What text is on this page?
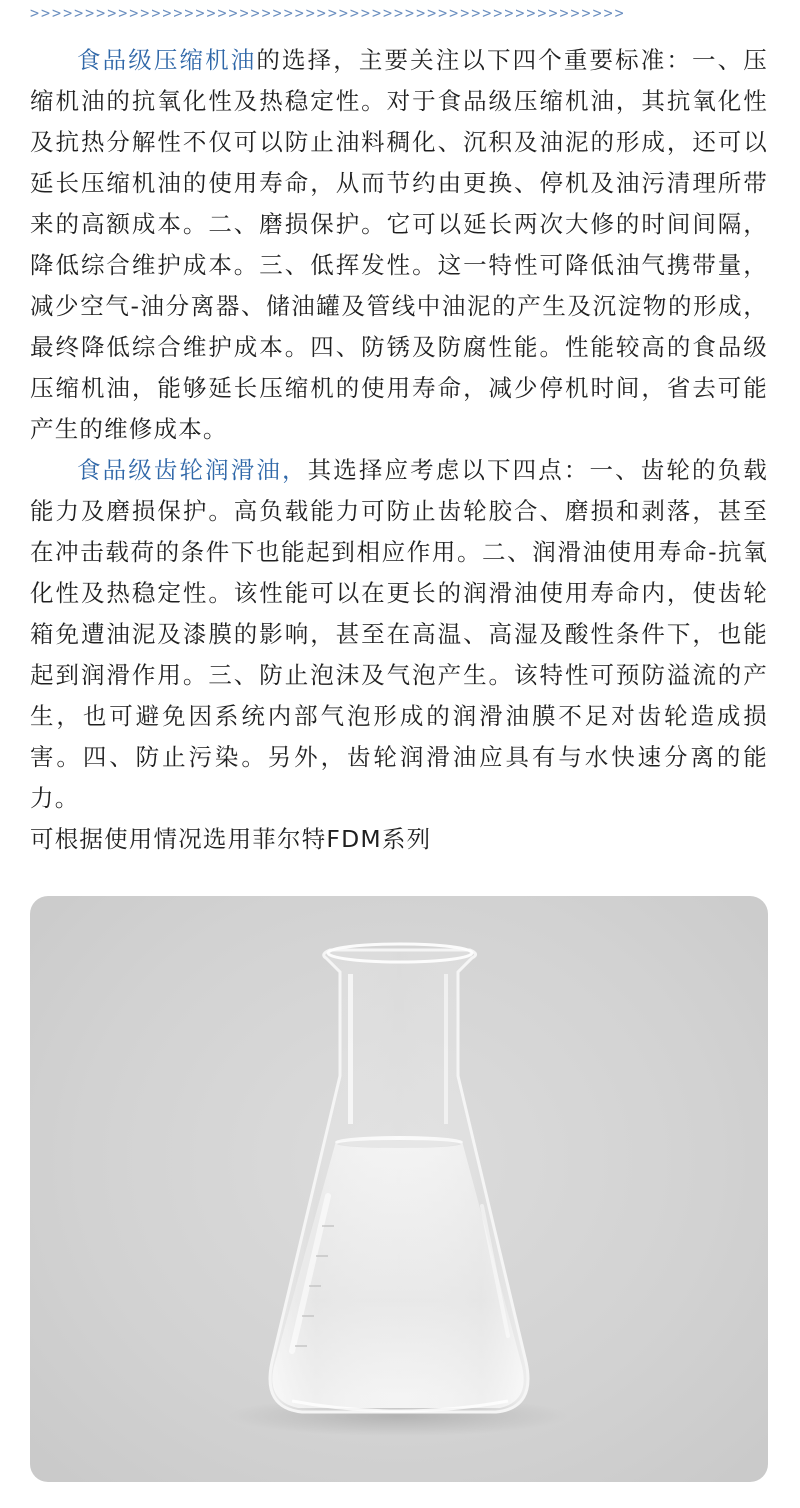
>>>>>>>>>>>>>>>>>>>>>>>>>>>>>>>>>>>>>>>>>>>>>>>>>>>>>>

食品级压缩机油的选择，主要关注以下四个重要标准：一、压缩机油的抗氧化性及热稳定性。对于食品级压缩机油，其抗氧化性及抗热分解性不仅可以防止油料稠化、沉积及油泥的形成，还可以延长压缩机油的使用寿命，从而节约由更换、停机及油污清理所带来的高额成本。二、磨损保护。它可以延长两次大修的时间间隔，降低综合维护成本。三、低挥发性。这一特性可降低油气携带量，减少空气-油分离器、储油罐及管线中油泥的产生及沉淀物的形成，最终降低综合维护成本。四、防锈及防腐性能。性能较高的食品级压缩机油，能够延长压缩机的使用寿命，减少停机时间，省去可能产生的维修成本。

食品级齿轮润滑油，其选择应考虑以下四点：一、齿轮的负载能力及磨损保护。高负载能力可防止齿轮胶合、磨损和剥落，甚至在冲击载荷的条件下也能起到相应作用。二、润滑油使用寿命-抗氧化性及热稳定性。该性能可以在更长的润滑油使用寿命内，使齿轮箱免遭油泥及漆膜的影响，甚至在高温、高湿及酸性条件下，也能起到润滑作用。三、防止泡沫及气泡产生。该特性可预防溢流的产生，也可避免因系统内部气泡形成的润滑油膜不足对齿轮造成损害。四、防止污染。另外，齿轮润滑油应具有与水快速分离的能力。

可根据使用情况选用菲尔特FDM系列
